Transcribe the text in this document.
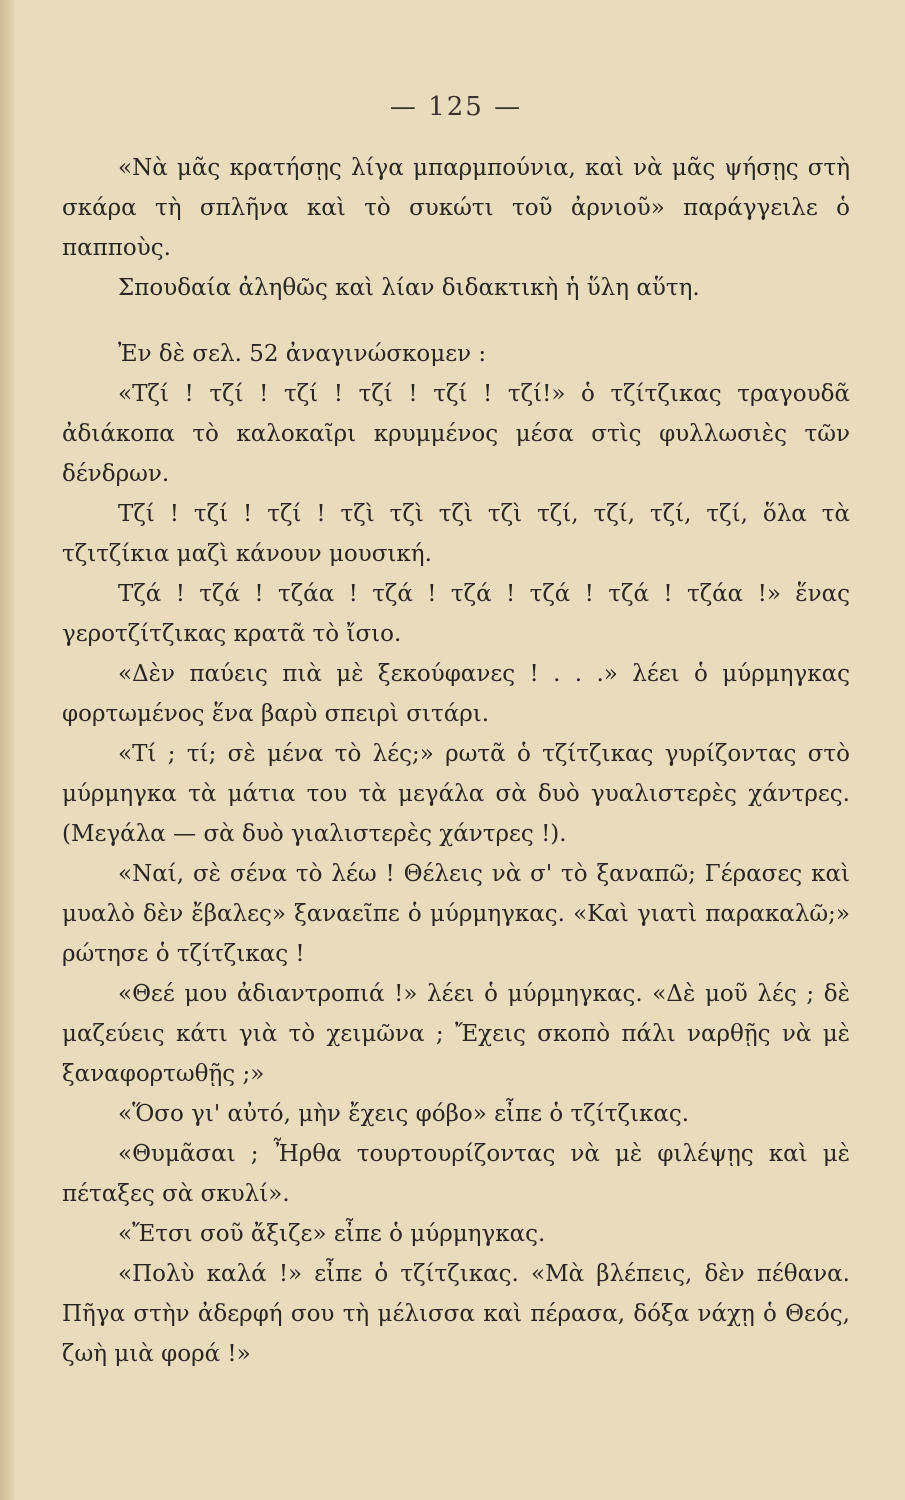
— 125 —

«Νὰ μᾶς κρατήσῃς λίγα μπαρμπούνια, καὶ νὰ μᾶς ψήσῃς στὴ σκάρα τὴ σπλῆνα καὶ τὸ συκώτι τοῦ ἀρνιοῦ» παράγγειλε ὁ παπποὺς.

Σπουδαία ἀληθῶς καὶ λίαν διδακτικὴ ἡ ὕλη αὕτη.

Ἐν δὲ σελ. 52 ἀναγινώσκομεν :

«Τζί ! τζί ! τζί ! τζί ! τζί ! τζί!» ὁ τζίτζικας τραγουδᾶ ἀδιάκοπα τὸ καλοκαῖρι κρυμμένος μέσα στὶς φυλλωσιὲς τῶν δένδρων.

Τζί ! τζί ! τζί ! τζὶ τζὶ τζὶ τζὶ τζί, τζί, τζί, τζί, ὅλα τὰ τζιτζίκια μαζὶ κάνουν μουσική.

Τζά ! τζά ! τζάα ! τζά ! τζά ! τζά ! τζά ! τζάα !» ἕνας γεροτζίτζικας κρατᾶ τὸ ἴσιο.

«Δὲν παύεις πιὰ μὲ ξεκούφανες ! . . .» λέει ὁ μύρμηγκας φορτωμένος ἕνα βαρὺ σπειρὶ σιτάρι.

«Τί ; τί; σὲ μένα τὸ λές;» ρωτᾶ ὁ τζίτζικας γυρίζοντας στὸ μύρμηγκα τὰ μάτια του τὰ μεγάλα σὰ δυὸ γυαλιστερὲς χάντρες. (Μεγάλα — σὰ δυὸ γιαλιστερὲς χάντρες !).

«Ναί, σὲ σένα τὸ λέω ! Θέλεις νὰ σ' τὸ ξαναπῶ; Γέρασες καὶ μυαλὸ δὲν ἔβαλες» ξαναεῖπε ὁ μύρμηγκας. «Καὶ γιατὶ παρακαλῶ;» ρώτησε ὁ τζίτζικας !

«Θεέ μου ἀδιαντροπιά !» λέει ὁ μύρμηγκας. «Δὲ μοῦ λές ; δὲ μαζεύεις κάτι γιὰ τὸ χειμῶνα ; Ἔχεις σκοπὸ πάλι ναρθῇς νὰ μὲ ξαναφορτωθῇς ;»

«Ὅσο γι' αὐτό, μὴν ἔχεις φόβο» εἶπε ὁ τζίτζικας.

«Θυμᾶσαι ; Ἦρθα τουρτουρίζοντας νὰ μὲ φιλέψῃς καὶ μὲ πέταξες σὰ σκυλί».

«Ἔτσι σοῦ ἄξιζε» εἶπε ὁ μύρμηγκας.

«Πολὺ καλά !» εἶπε ὁ τζίτζικας. «Μὰ βλέπεις, δὲν πέθανα. Πῆγα στὴν ἀδερφή σου τὴ μέλισσα καὶ πέρασα, δόξα νάχῃ ὁ Θεός, ζωὴ μιὰ φορά !»
